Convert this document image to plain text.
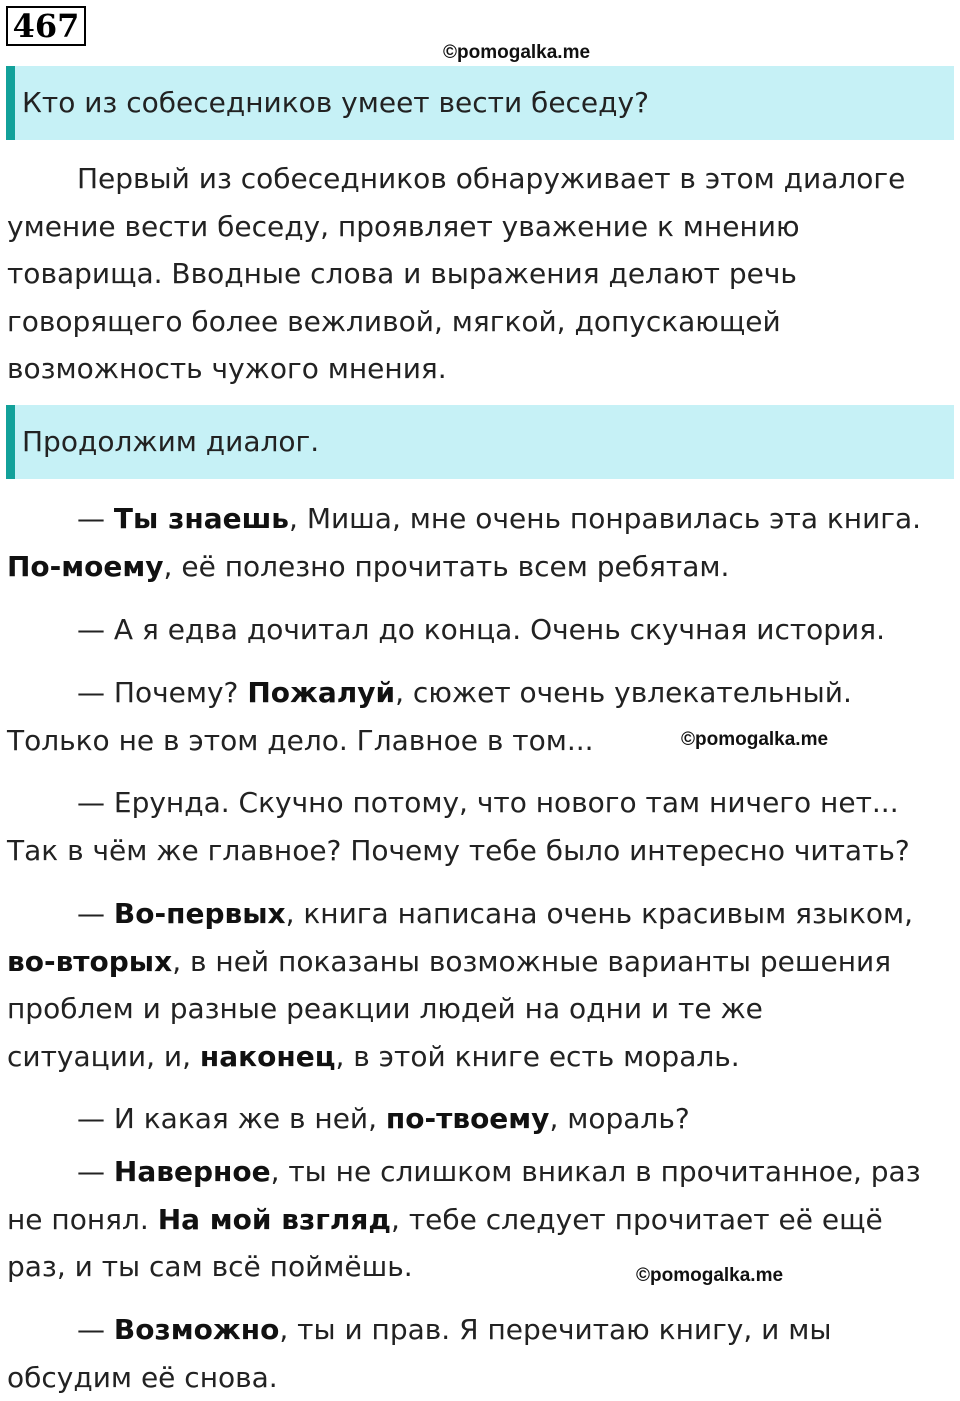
467
©pomogalka.me
Кто из собеседников умеет вести беседу?

Первый из собеседников обнаруживает в этом диалоге
умение вести беседу, проявляет уважение к мнению
товарища. Вводные слова и выражения делают речь
говорящего более вежливой, мягкой, допускающей
возможность чужого мнения.

Продолжим диалог.

— Ты знаешь, Миша, мне очень понравилась эта книга.
По-моему, её полезно прочитать всем ребятам.

— А я едва дочитал до конца. Очень скучная история.

— Почему? Пожалуй, сюжет очень увлекательный.
Только не в этом дело. Главное в том...	©pomogalka.me

— Ерунда. Скучно потому, что нового там ничего нет...
Так в чём же главное? Почему тебе было интересно читать?

— Во-первых, книга написана очень красивым языком,
во-вторых, в ней показаны возможные варианты решения
проблем и разные реакции людей на одни и те же
ситуации, и, наконец, в этой книге есть мораль.

— И какая же в ней, по-твоему, мораль?

— Наверное, ты не слишком вникал в прочитанное, раз
не понял. На мой взгляд, тебе следует прочитает её ещё
раз, и ты сам всё поймёшь.	©pomogalka.me

— Возможно, ты и прав. Я перечитаю книгу, и мы
обсудим её снова.
